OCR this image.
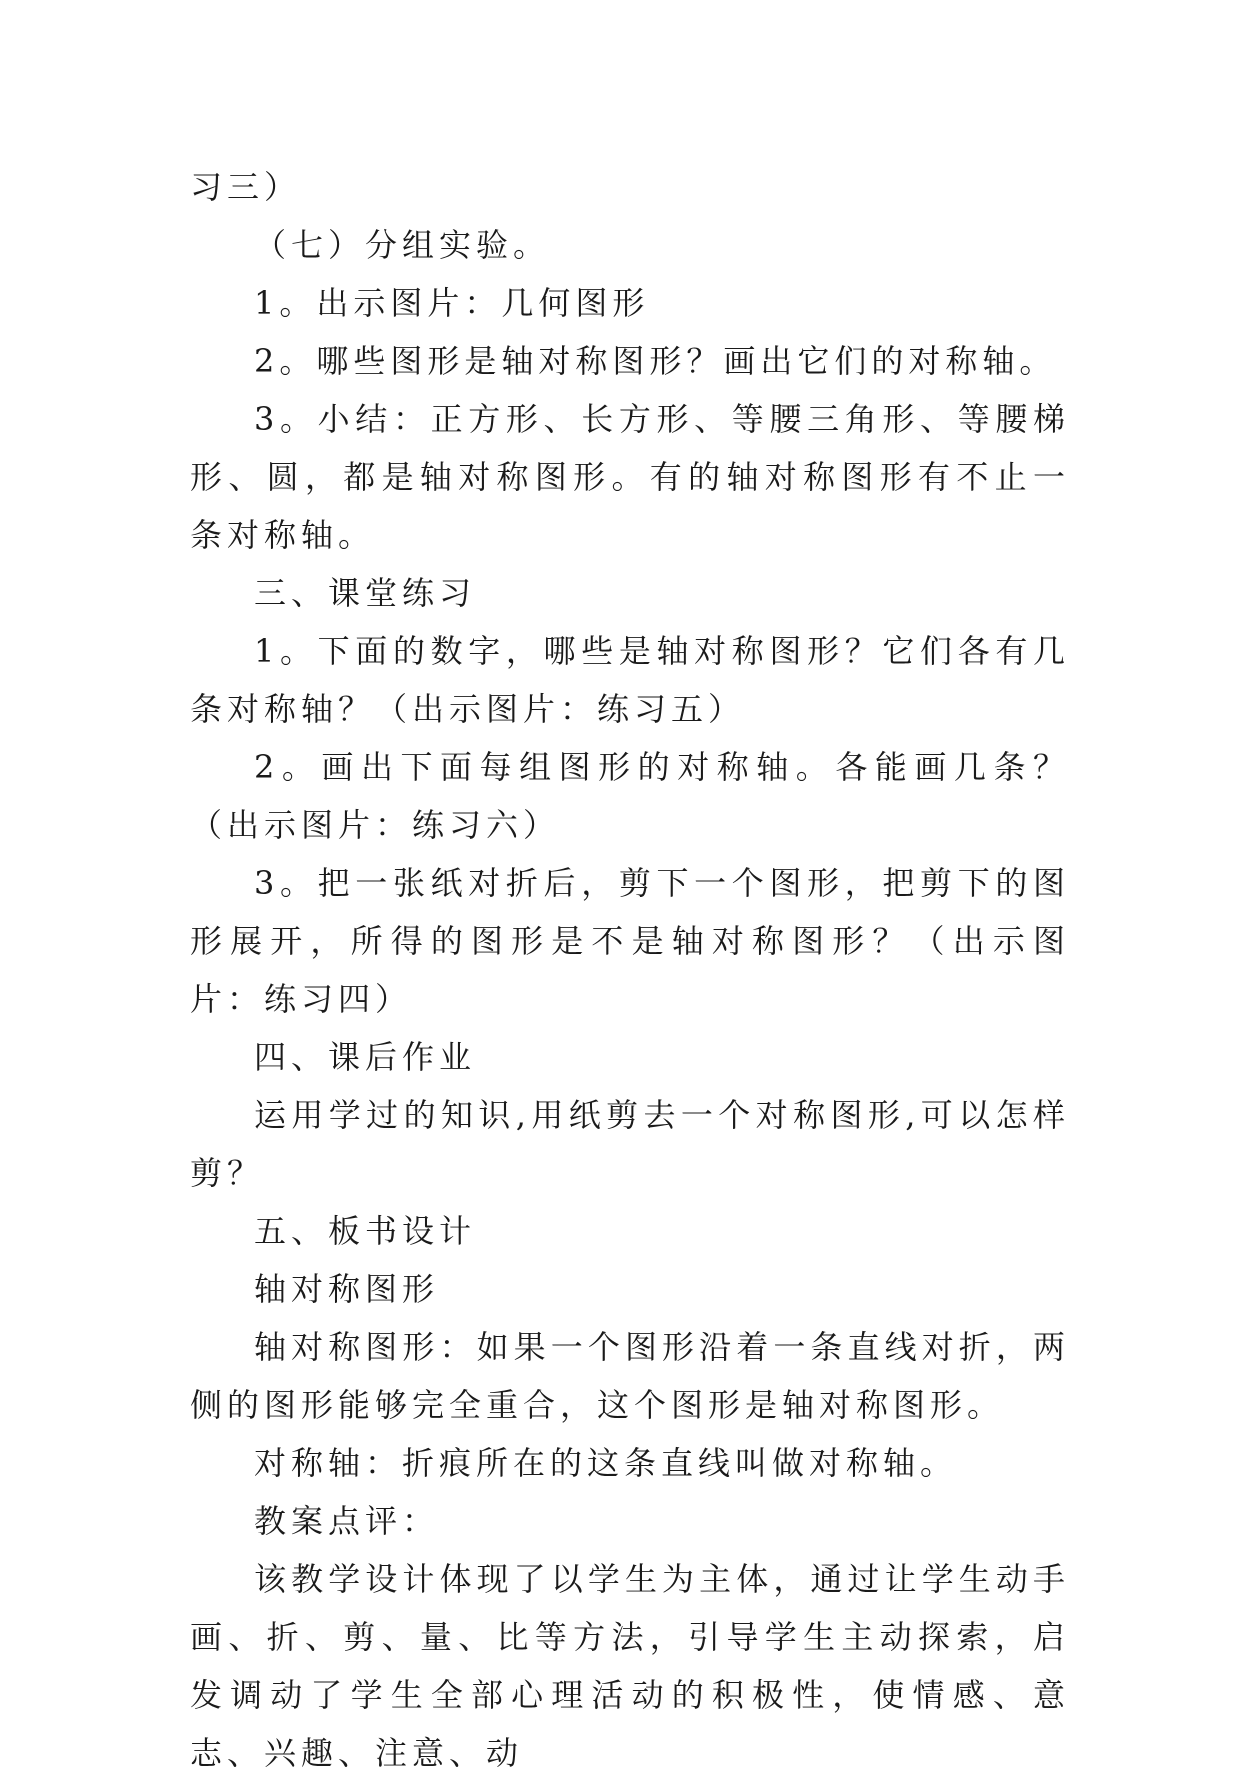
习三）

（七）分组实验。

1。出示图片：几何图形

2。哪些图形是轴对称图形？画出它们的对称轴。

3。小结：正方形、长方形、等腰三角形、等腰梯形、圆，都是轴对称图形。有的轴对称图形有不止一条对称轴。

三、课堂练习

1。下面的数字，哪些是轴对称图形？它们各有几条对称轴？（出示图片：练习五）

2。画出下面每组图形的对称轴。各能画几条？（出示图片：练习六）

3。把一张纸对折后，剪下一个图形，把剪下的图形展开，所得的图形是不是轴对称图形？（出示图片：练习四）

四、课后作业

运用学过的知识,用纸剪去一个对称图形,可以怎样剪？

五、板书设计

轴对称图形

轴对称图形：如果一个图形沿着一条直线对折，两侧的图形能够完全重合，这个图形是轴对称图形。

对称轴：折痕所在的这条直线叫做对称轴。

教案点评：

该教学设计体现了以学生为主体，通过让学生动手画、折、剪、量、比等方法，引导学生主动探索，启发调动了学生全部心理活动的积极性，使情感、意志、兴趣、注意、动
